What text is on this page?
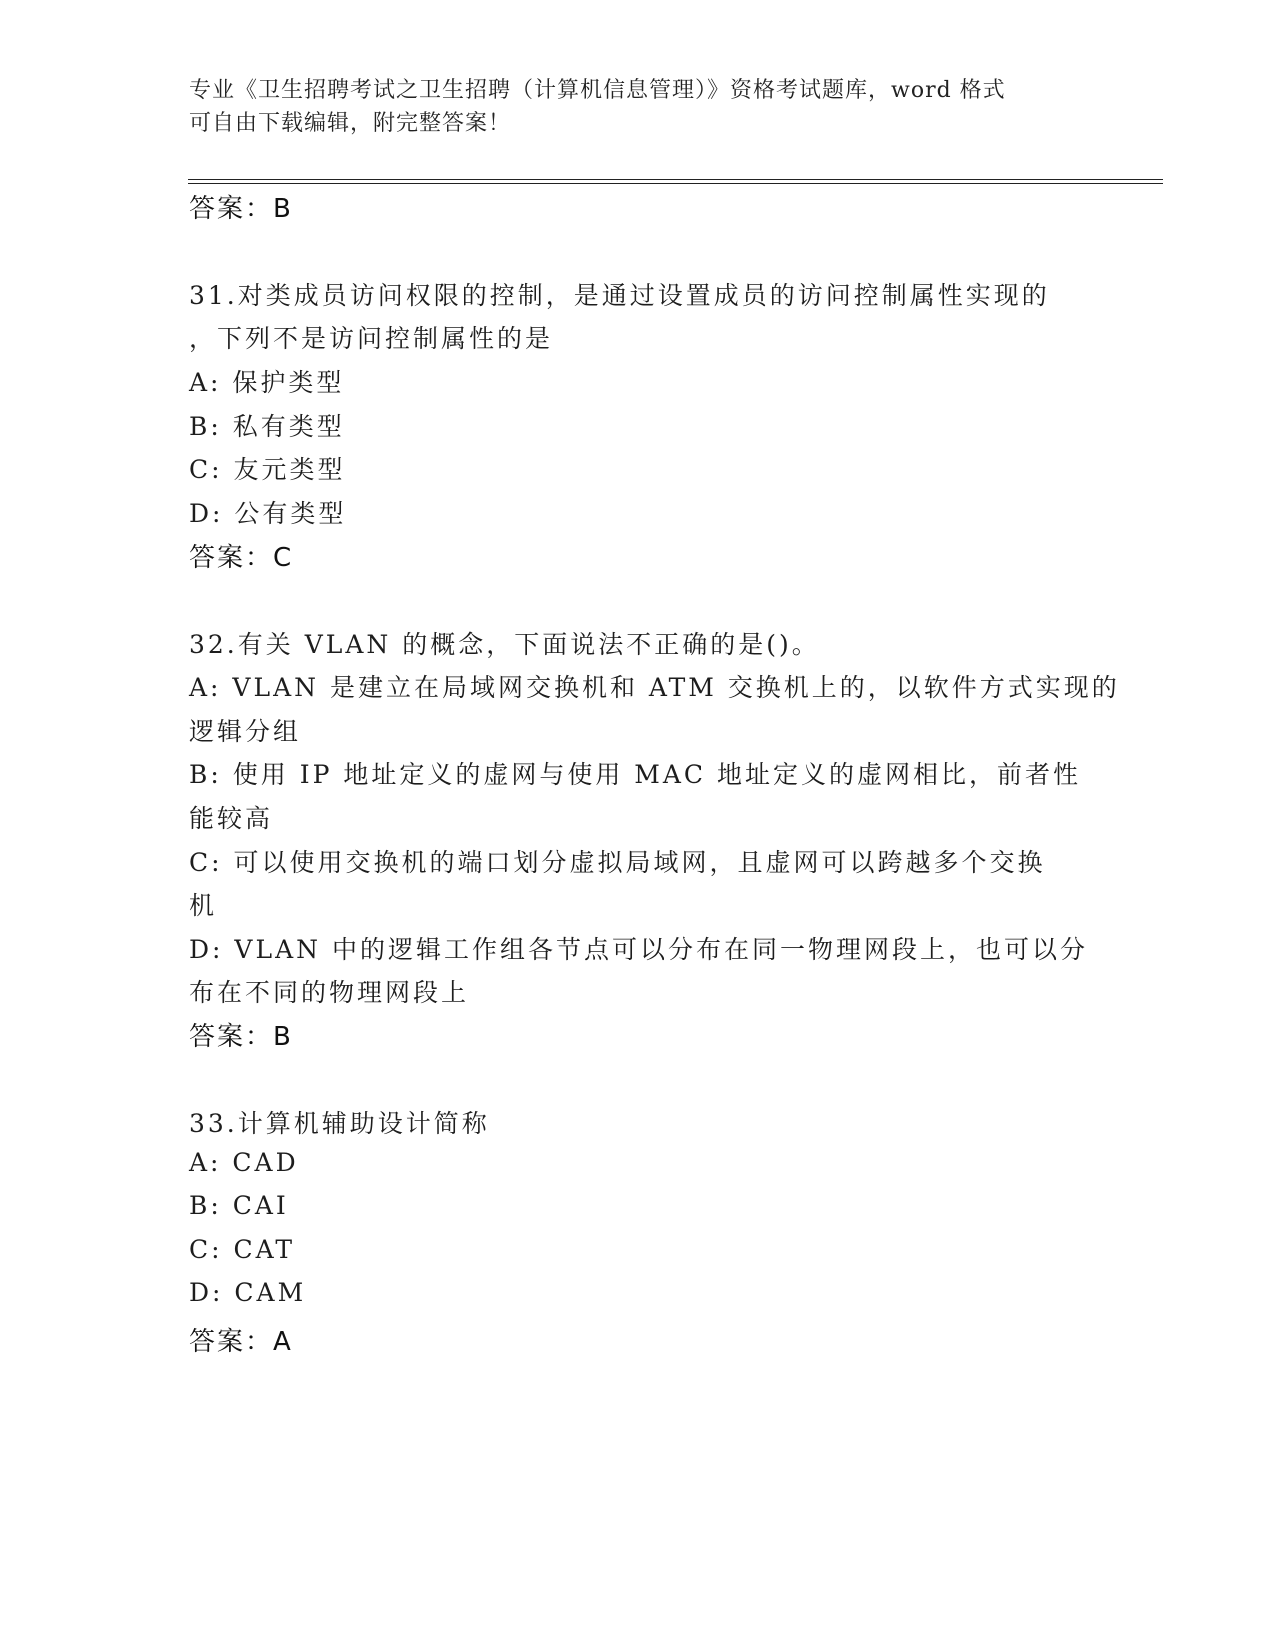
专业《卫生招聘考试之卫生招聘（计算机信息管理）》资格考试题库，word 格式
可自由下载编辑，附完整答案！
答案：B
31.对类成员访问权限的控制，是通过设置成员的访问控制属性实现的
，下列不是访问控制属性的是
A: 保护类型
B: 私有类型
C: 友元类型
D: 公有类型
答案：C
32.有关 VLAN 的概念，下面说法不正确的是()。
A: VLAN 是建立在局域网交换机和 ATM 交换机上的，以软件方式实现的
逻辑分组
B: 使用 IP 地址定义的虚网与使用 MAC 地址定义的虚网相比，前者性
能较高
C: 可以使用交换机的端口划分虚拟局域网，且虚网可以跨越多个交换
机
D: VLAN 中的逻辑工作组各节点可以分布在同一物理网段上，也可以分
布在不同的物理网段上
答案：B
33.计算机辅助设计简称
A: CAD
B: CAI
C: CAT
D: CAM
答案：A
